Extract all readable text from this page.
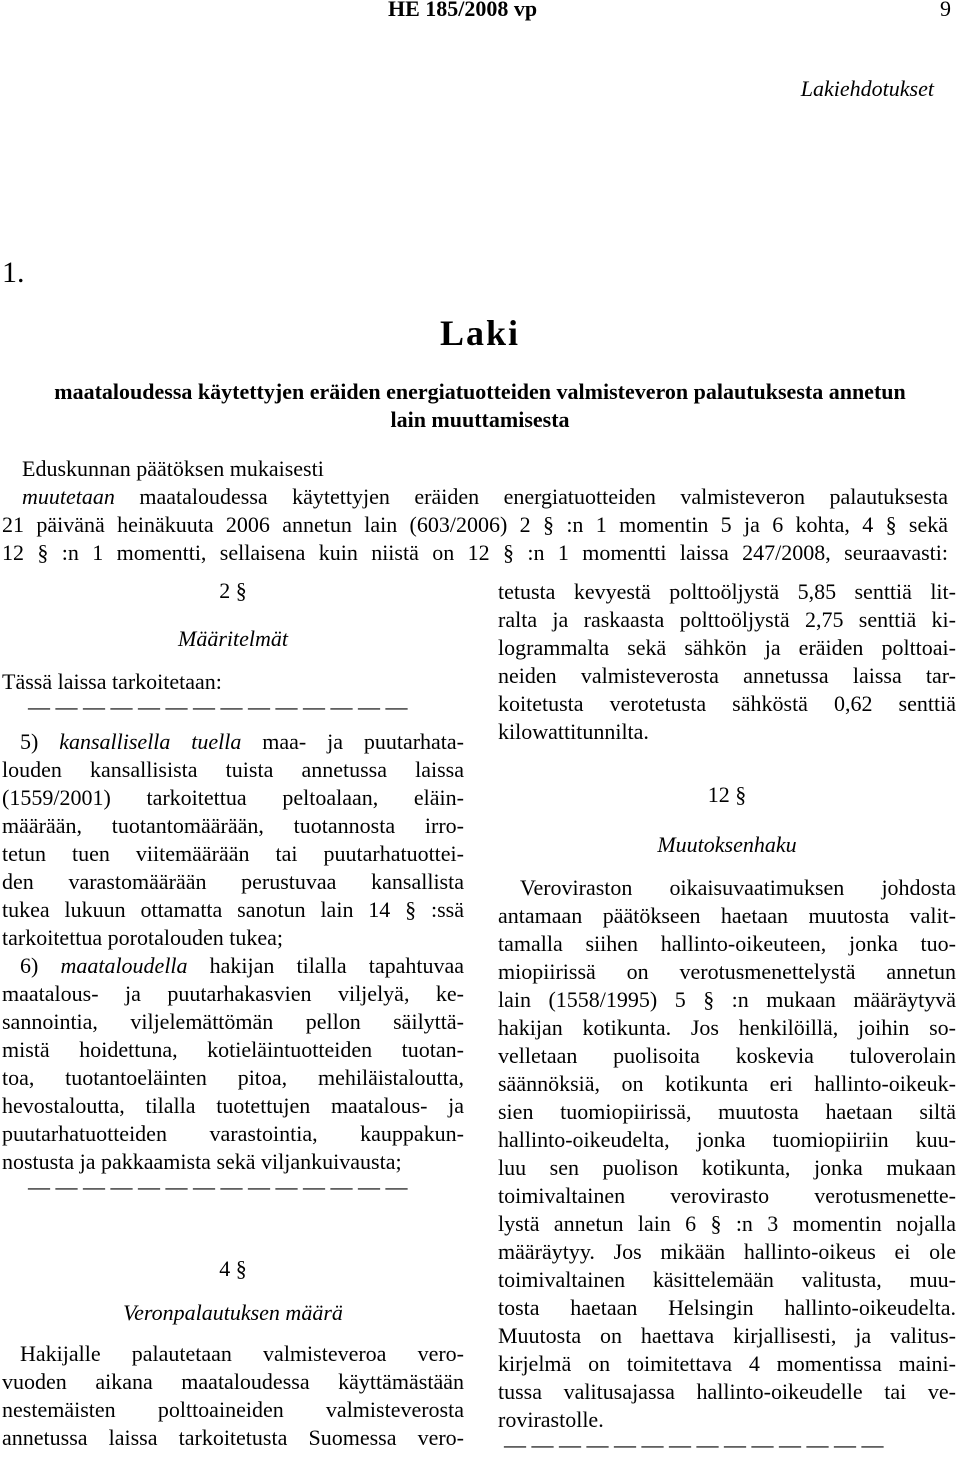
HE 185/2008 vp	9
Lakiehdotukset
1.
Laki
maataloudessa käytettyjen eräiden energiatuotteiden valmisteveron palautuksesta annetun
lain muuttamisesta
Eduskunnan päätöksen mukaisesti
muutetaan maataloudessa käytettyjen eräiden energiatuotteiden valmisteveron palautuksesta
21 päivänä heinäkuuta 2006 annetun lain (603/2006) 2 § :n 1 momentin 5 ja 6 kohta, 4 § sekä
12 § :n 1 momentti, sellaisena kuin niistä on 12 § :n 1 momentti laissa 247/2008, seuraavasti:
2 §
Määritelmät
Tässä laissa tarkoitetaan:
— — — — — — — — — — — — — —
5) kansallisella tuella maa- ja puutarhata-
louden kansallisista tuista annetussa laissa
(1559/2001) tarkoitettua peltoalaan, eläin-
määrään, tuotantomäärään, tuotannosta irro-
tetun tuen viitemäärään tai puutarhatuottei-
den varastomäärään perustuvaa kansallista
tukea lukuun ottamatta sanotun lain 14 § :ssä
tarkoitettua porotalouden tukea;
6) maataloudella hakijan tilalla tapahtuvaa
maatalous- ja puutarhakasvien viljelyä, ke-
sannointia, viljelemättömän pellon säilyttä-
mistä hoidettuna, kotieläintuotteiden tuotan-
toa, tuotantoeläinten pitoa, mehiläistaloutta,
hevostaloutta, tilalla tuotettujen maatalous- ja
puutarhatuotteiden varastointia, kauppakun-
nostusta ja pakkaamista sekä viljankuivausta;
— — — — — — — — — — — — — —
4 §
Veronpalautuksen määrä
Hakijalle palautetaan valmisteveroa vero-
vuoden aikana maataloudessa käyttämästään
nestemäisten polttoaineiden valmisteverosta
annetussa laissa tarkoitetusta Suomessa vero-
tetusta kevyestä polttoöljystä 5,85 senttiä lit-
ralta ja raskaasta polttoöljystä 2,75 senttiä ki-
logrammalta sekä sähkön ja eräiden polttoai-
neiden valmisteverosta annetussa laissa tar-
koitetusta verotetusta sähköstä 0,62 senttiä
kilowattitunnilta.
12 §
Muutoksenhaku
Veroviraston oikaisuvaatimuksen johdosta
antamaan päätökseen haetaan muutosta valit-
tamalla siihen hallinto-oikeuteen, jonka tuo-
miopiirissä on verotusmenettelystä annetun
lain (1558/1995) 5 § :n mukaan määräytyvä
hakijan kotikunta. Jos henkilöillä, joihin so-
velletaan puolisoita koskevia tuloverolain
säännöksiä, on kotikunta eri hallinto-oikeuk-
sien tuomiopiirissä, muutosta haetaan siltä
hallinto-oikeudelta, jonka tuomiopiiriin kuu-
luu sen puolison kotikunta, jonka mukaan
toimivaltainen verovirasto verotusmenette-
lystä annetun lain 6 § :n 3 momentin nojalla
määräytyy. Jos mikään hallinto-oikeus ei ole
toimivaltainen käsittelemään valitusta, muu-
tosta haetaan Helsingin hallinto-oikeudelta.
Muutosta on haettava kirjallisesti, ja valitus-
kirjelmä on toimitettava 4 momentissa maini-
tussa valitusajassa hallinto-oikeudelle tai ve-
rovirastolle.
— — — — — — — — — — — — — —
